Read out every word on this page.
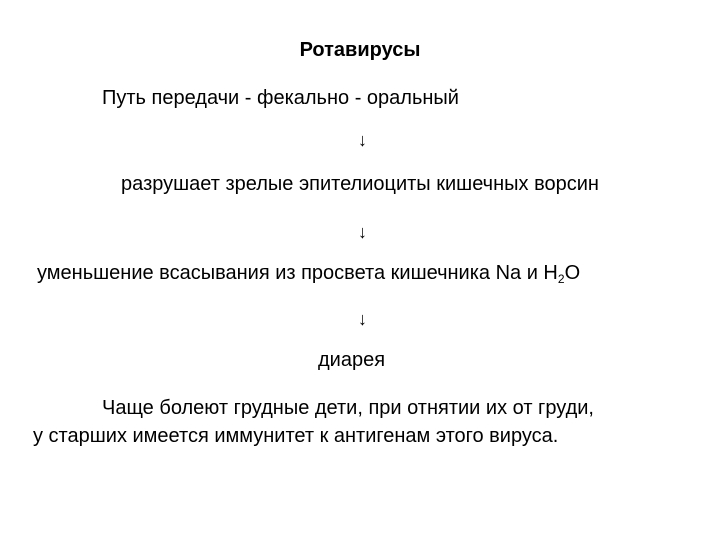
Ротавирусы
Путь передачи - фекально - оральный
↓
разрушает зрелые эпителиоциты кишечных ворсин
↓
уменьшение всасывания из просвета кишечника Na и $H_2O$
↓
диарея
Чаще болеют грудные дети, при отнятии их от груди,
у старших имеется иммунитет к антигенам этого вируса.
